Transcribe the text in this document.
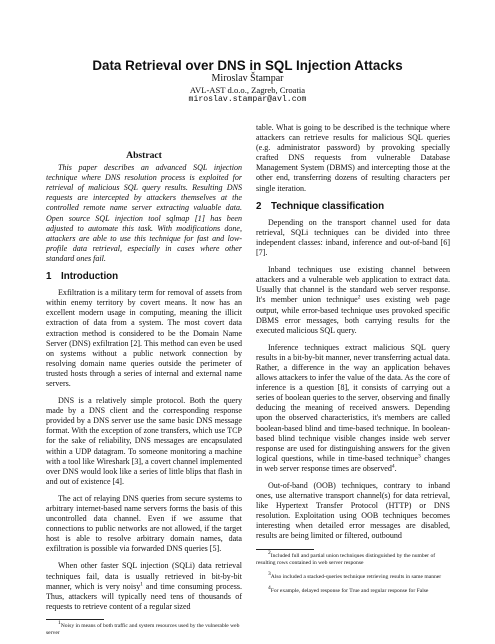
Data Retrieval over DNS in SQL Injection Attacks
Miroslav Štampar
AVL-AST d.o.o., Zagreb, Croatia
miroslav.stampar@avl.com
Abstract

This paper describes an advanced SQL injection technique where DNS resolution process is exploited for retrieval of malicious SQL query results. Resulting DNS requests are intercepted by attackers themselves at the controlled remote name server extracting valuable data. Open source SQL injection tool sqlmap [1] has been adjusted to automate this task. With modifications done, attackers are able to use this technique for fast and low-profile data retrieval, especially in cases where other standard ones fail.

1 Introduction

Exfiltration is a military term for removal of assets from within enemy territory by covert means. It now has an excellent modern usage in computing, meaning the illicit extraction of data from a system. The most covert data extraction method is considered to be the Domain Name Server (DNS) exfiltration [2]. This method can even be used on systems without a public network connection by resolving domain name queries outside the perimeter of trusted hosts through a series of internal and external name servers.

DNS is a relatively simple protocol. Both the query made by a DNS client and the corresponding response provided by a DNS server use the same basic DNS message format. With the exception of zone transfers, which use TCP for the sake of reliability, DNS messages are encapsulated within a UDP datagram. To someone monitoring a machine with a tool like Wireshark [3], a covert channel implemented over DNS would look like a series of little blips that flash in and out of existence [4].

The act of relaying DNS queries from secure systems to arbitrary internet-based name servers forms the basis of this uncontrolled data channel. Even if we assume that connections to public networks are not allowed, if the target host is able to resolve arbitrary domain names, data exfiltration is possible via forwarded DNS queries [5].

When other faster SQL injection (SQLi) data retrieval techniques fail, data is usually retrieved in bit-by-bit manner, which is very noisy$^1$ and time consuming process. Thus, attackers will typically need tens of thousands of requests to retrieve content of a regular sized

$^1$Noisy in means of both traffic and system resources used by the vulnerable web server

table. What is going to be described is the technique where attackers can retrieve results for malicious SQL queries (e.g. administrator password) by provoking specially crafted DNS requests from vulnerable Database Management System (DBMS) and intercepting those at the other end, transferring dozens of resulting characters per single iteration.

2 Technique classification

Depending on the transport channel used for data retrieval, SQLi techniques can be divided into three independent classes: inband, inference and out-of-band [6][7].

Inband techniques use existing channel between attackers and a vulnerable web application to extract data. Usually that channel is the standard web server response. It's member union technique$^2$ uses existing web page output, while error-based technique uses provoked specific DBMS error messages, both carrying results for the executed malicious SQL query.

Inference techniques extract malicious SQL query results in a bit-by-bit manner, never transferring actual data. Rather, a difference in the way an application behaves allows attackers to infer the value of the data. As the core of inference is a question [8], it consists of carrying out a series of boolean queries to the server, observing and finally deducing the meaning of received answers. Depending upon the observed characteristics, it's members are called boolean-based blind and time-based technique. In boolean-based blind technique visible changes inside web server response are used for distinguishing answers for the given logical questions, while in time-based technique$^3$ changes in web server response times are observed$^4$.

Out-of-band (OOB) techniques, contrary to inband ones, use alternative transport channel(s) for data retrieval, like Hypertext Transfer Protocol (HTTP) or DNS resolution. Exploitation using OOB techniques becomes interesting when detailed error messages are disabled, results are being limited or filtered, outbound

$^2$Included full and partial union techniques distinguished by the number of resulting rows contained in web server response

$^3$Also included a stacked-queries technique retrieving results in same manner

$^4$For example, delayed response for True and regular response for False
